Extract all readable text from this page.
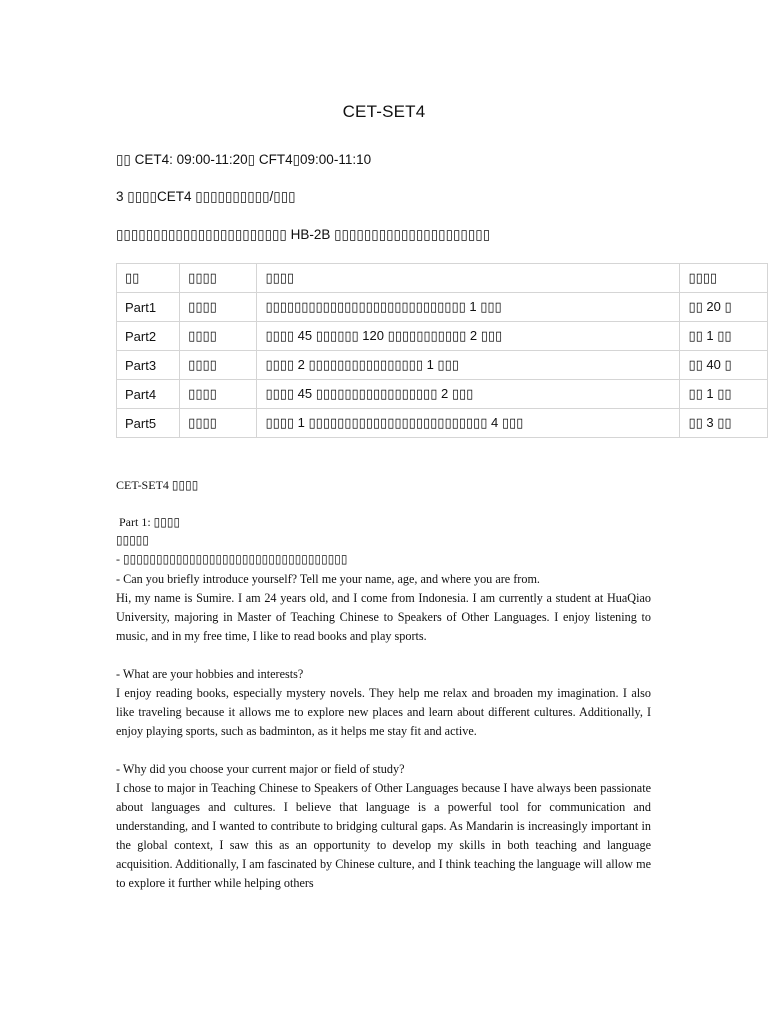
CET-SET4
▯▯ CET4: 09:00-11:20▯ CFT4▯09:00-11:10
3 ▯▯▯▯CET4 ▯▯▯▯▯▯▯▯▯▯/▯▯▯
▯▯▯▯▯▯▯▯▯▯▯▯▯▯▯▯▯▯▯▯▯▯▯ HB-2B ▯▯▯▯▯▯▯▯▯▯▯▯▯▯▯▯▯▯▯▯▯
▯▯	▯▯▯▯	▯▯▯▯	▯▯▯▯
Part1	▯▯▯▯	▯▯▯▯▯▯▯▯▯▯▯▯▯▯▯▯▯▯▯▯▯▯▯▯▯▯▯▯ 1 ▯▯▯	▯▯ 20 ▯
Part2	▯▯▯▯	▯▯▯▯ 45 ▯▯▯▯▯▯ 120 ▯▯▯▯▯▯▯▯▯▯▯ 2 ▯▯▯	▯▯ 1 ▯▯
Part3	▯▯▯▯	▯▯▯▯ 2 ▯▯▯▯▯▯▯▯▯▯▯▯▯▯▯▯ 1 ▯▯▯	▯▯ 40 ▯
Part4	▯▯▯▯	▯▯▯▯ 45 ▯▯▯▯▯▯▯▯▯▯▯▯▯▯▯▯▯ 2 ▯▯▯	▯▯ 1 ▯▯
Part5	▯▯▯▯	▯▯▯▯ 1 ▯▯▯▯▯▯▯▯▯▯▯▯▯▯▯▯▯▯▯▯▯▯▯▯▯ 4 ▯▯▯	▯▯ 3 ▯▯
CET-SET4 ▯▯▯▯
Part 1: ▯▯▯▯
▯▯▯▯▯
- ▯▯▯▯▯▯▯▯▯▯▯▯▯▯▯▯▯▯▯▯▯▯▯▯▯▯▯▯▯▯▯▯▯▯

- Can you briefly introduce yourself? Tell me your name, age, and where you are from.

Hi, my name is Sumire. I am 24 years old, and I come from Indonesia. I am currently a student at HuaQiao University, majoring in Master of Teaching Chinese to Speakers of Other Languages. I enjoy listening to music, and in my free time, I like to read books and play sports.

- What are your hobbies and interests?

I enjoy reading books, especially mystery novels. They help me relax and broaden my imagination. I also like traveling because it allows me to explore new places and learn about different cultures. Additionally, I enjoy playing sports, such as badminton, as it helps me stay fit and active.

- Why did you choose your current major or field of study?

I chose to major in Teaching Chinese to Speakers of Other Languages because I have always been passionate about languages and cultures. I believe that language is a powerful tool for communication and understanding, and I wanted to contribute to bridging cultural gaps. As Mandarin is increasingly important in the global context, I saw this as an opportunity to develop my skills in both teaching and language acquisition. Additionally, I am fascinated by Chinese culture, and I think teaching the language will allow me to explore it further while helping others
